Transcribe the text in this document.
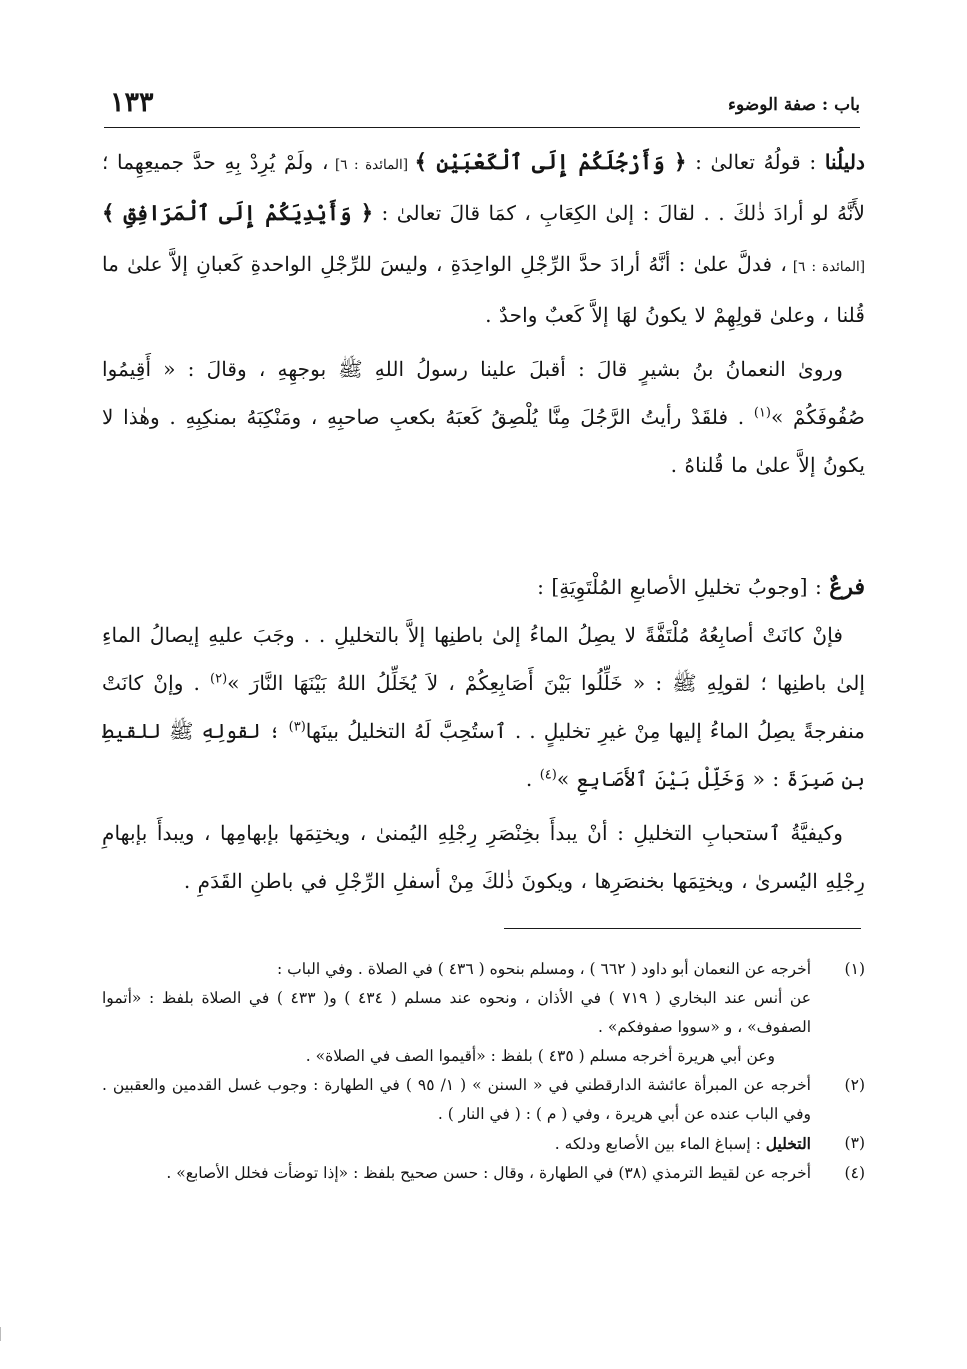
باب : صفة الوضوء
١٣٣

دليلُنا : قولُهُ تعالىٰ : ﴿ وَأَرْجُلَكُمْ إِلَى ٱلْكَعْبَيْنِ ﴾ [المائدة : ٦] ، ولَمْ يُرِدْ بِهِ حدَّ جميعِهِما ؛ لأَنَّهُ لو أرادَ ذٰلكَ . . لقالَ : إلىٰ الكِعَابِ ، كمَا قالَ تعالىٰ : ﴿ وَأَيْدِيَكُمْ إِلَى ٱلْمَرَافِقِ ﴾ [المائدة : ٦] ، فدلَّ علىٰ : أنَّهُ أرادَ حدَّ الرِّجْلِ الواحِدَةِ ، وليسَ للرِّجْلِ الواحدةِ كَعبانِ إلاَّ علىٰ ما قُلنا ، وعلىٰ قولِهِمْ لا يكونُ لهَا إلاَّ كَعبٌ واحدٌ .

وروىٰ النعمانُ بنُ بشيرٍ قالَ : أقبلَ علينا رسولُ اللهِ ﷺ بوجهِهِ ، وقالَ : « أَقِيمُوا صُفُوفَكُمْ »$^{(١)}$ . فلقَدْ رأيتُ الرَّجُلَ مِنَّا يُلْصِقُ كَعبَهُ بكعبِ صاحبِهِ ، ومَنْكِبَهُ بمنكِبِهِ . وهٰذا لا يكونُ إلاَّ علىٰ ما قُلناهُ .

فرعٌ : [وجوبُ تخليلِ الأصابعِ المُلْتَوِيَةِ] :

فإنْ كانَتْ أصابِعُهُ مُلْتَفَّةً لا يصِلُ الماءُ إلىٰ باطنِها إلاَّ بالتخليلِ . . وجَبَ عليهِ إيصالُ الماءِ إلىٰ باطنِها ؛ لقولِهِ ﷺ : « خَلِّلُوا بَيْنَ أَصَابِعِكُمْ ، لاَ يُخَلِّلُ اللهُ بَيْنَهَا النَّارَ »$^{(٢)}$ . وإنْ كانَتْ منفرجةً يصِلُ الماءُ إليها مِنْ غيرِ تخليلٍ . . ٱستُحِبَّ لَهُ التخليلُ بينَها$^{(٣)}$ ؛ لقولِهِ ﷺ للقيطِ بن صَبِرَةَ : « وَخَلِّلْ بَيْنَ ٱلأَصَابِعِ »$^{(٤)}$ .

وكيفيَّةُ ٱستحبابِ التخليلِ : أنْ يبدأَ بخِنْصَرِ رِجْلِهِ اليُمنىٰ ، ويختِمَها بإبهامِها ، ويبدأَ بإبهامِ رِجْلِهِ اليُسرىٰ ، ويختِمَها بخنصَرِها ، ويكونَ ذٰلكَ مِنْ أسفلِ الرِّجْلِ في باطنِ القَدَمِ .

(١)
أخرجه عن النعمان أبو داود ( ٦٦٢ ) ، ومسلم بنحوه ( ٤٣٦ ) في الصلاة . وفي الباب :
عن أنس عند البخاري ( ٧١٩ ) في الأذان ، ونحوه عند مسلم ( ٤٣٤ ) و( ٤٣٣ ) في الصلاة بلفظ : «أتموا الصفوف» ، و «سووا صفوفكم» .
وعن أبي هريرة أخرجه مسلم ( ٤٣٥ ) بلفظ : «أقيموا الصف في الصلاة» .
(٢)
أخرجه عن المبرأة عائشة الدارقطني في « السنن » ( ١/ ٩٥ ) في الطهارة : وجوب غسل القدمين والعقبين . وفي الباب عنده عن أبي هريرة ، وفي ( م ) : ( في النار ) .
(٣)
التخليل : إسباغ الماء بين الأصابع ودلكه .
(٤)
أخرجه عن لقيط الترمذي (٣٨) في الطهارة ، وقال : حسن صحيح بلفظ : «إذا توضأت فخلل الأصابع» .
